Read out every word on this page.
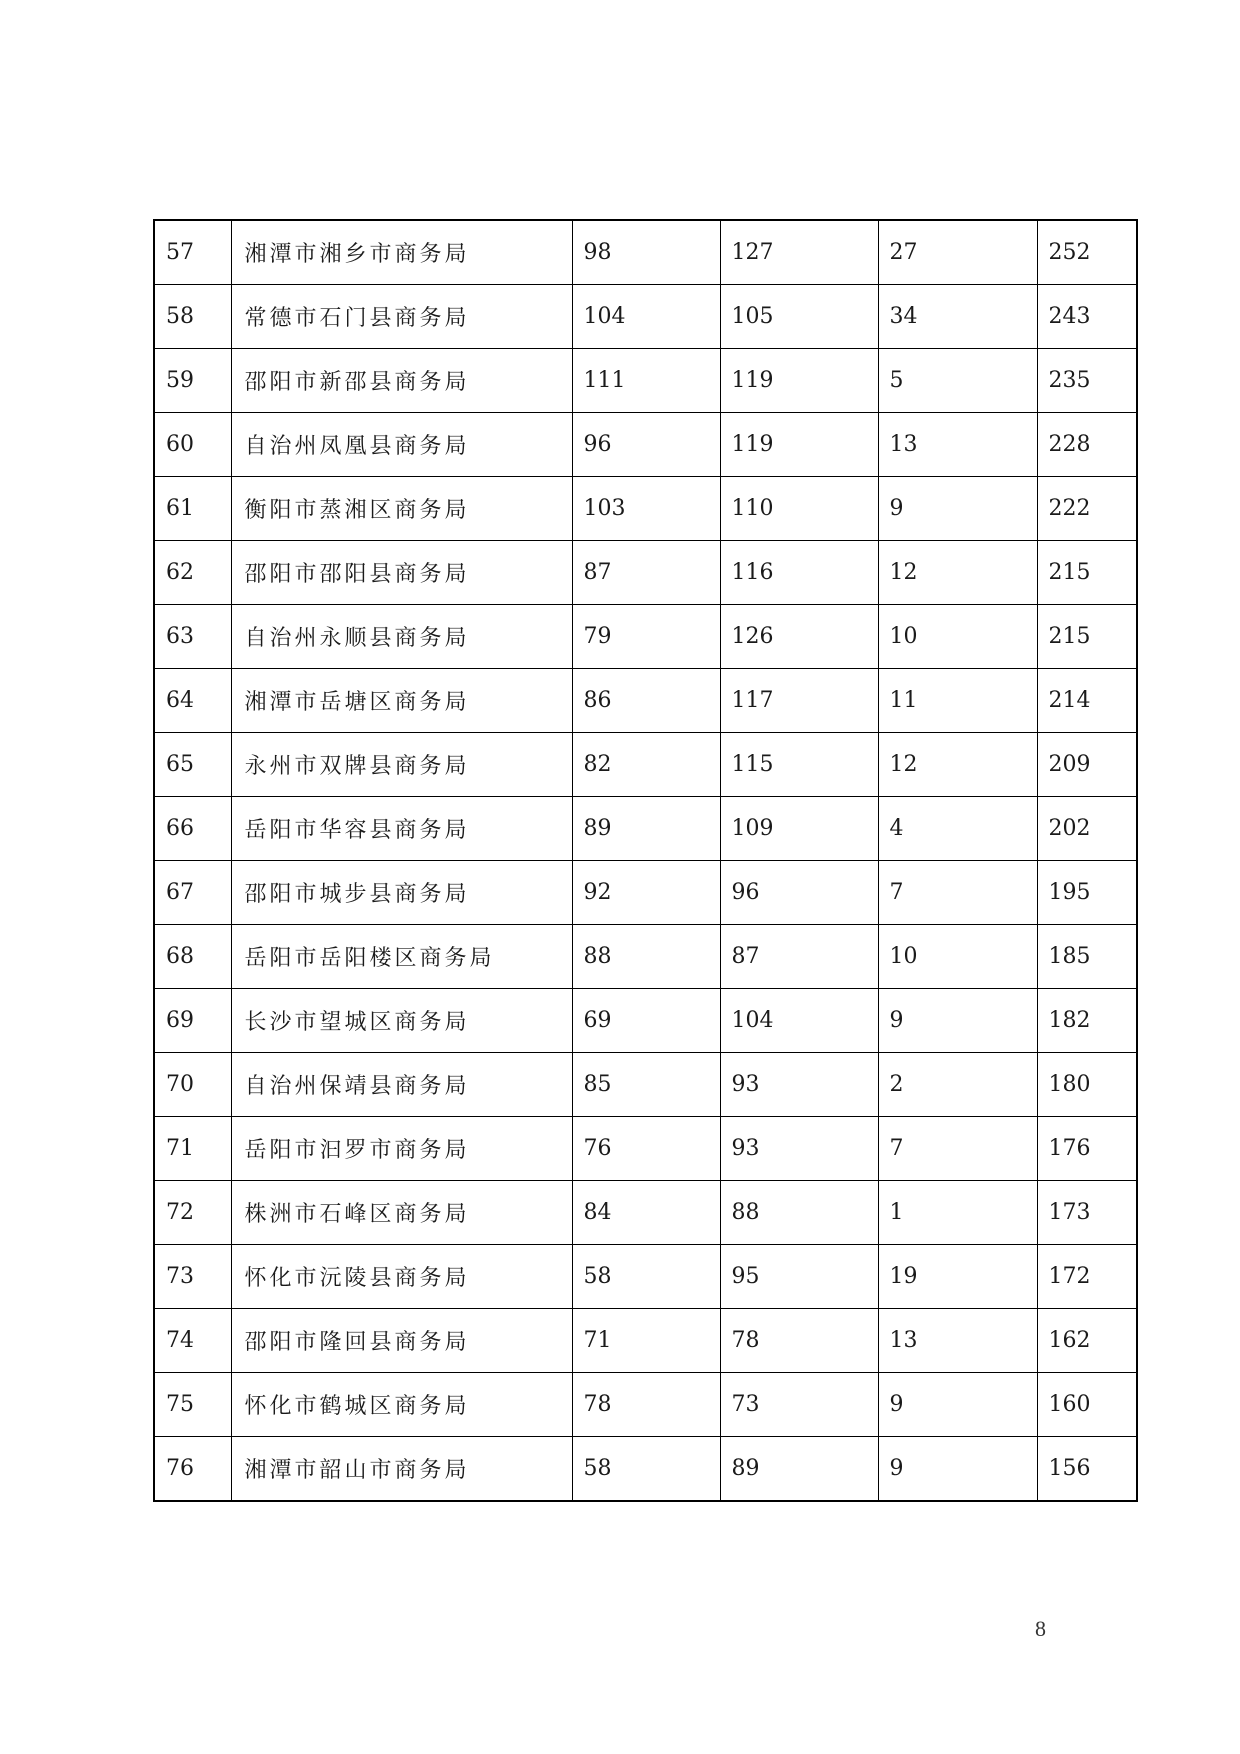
57	湘潭市湘乡市商务局	98	127	27	252
58	常德市石门县商务局	104	105	34	243
59	邵阳市新邵县商务局	111	119	5	235
60	自治州凤凰县商务局	96	119	13	228
61	衡阳市蒸湘区商务局	103	110	9	222
62	邵阳市邵阳县商务局	87	116	12	215
63	自治州永顺县商务局	79	126	10	215
64	湘潭市岳塘区商务局	86	117	11	214
65	永州市双牌县商务局	82	115	12	209
66	岳阳市华容县商务局	89	109	4	202
67	邵阳市城步县商务局	92	96	7	195
68	岳阳市岳阳楼区商务局	88	87	10	185
69	长沙市望城区商务局	69	104	9	182
70	自治州保靖县商务局	85	93	2	180
71	岳阳市汩罗市商务局	76	93	7	176
72	株洲市石峰区商务局	84	88	1	173
73	怀化市沅陵县商务局	58	95	19	172
74	邵阳市隆回县商务局	71	78	13	162
75	怀化市鹤城区商务局	78	73	9	160
76	湘潭市韶山市商务局	58	89	9	156
8
